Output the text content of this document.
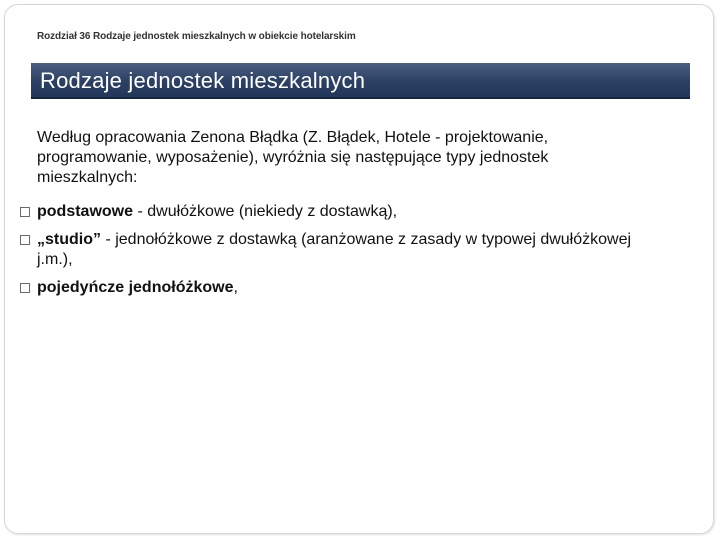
Rozdział 36 Rodzaje jednostek mieszkalnych w obiekcie hotelarskim
Rodzaje jednostek mieszkalnych
Według opracowania Zenona Błądka (Z. Błądek, Hotele - projektowanie, programowanie, wyposażenie), wyróżnia się następujące typy jednostek mieszkalnych:
podstawowe - dwułóżkowe (niekiedy z dostawką),
„studio” - jednołóżkowe z dostawką (aranżowane z zasady w typowej dwułóżkowej j.m.),
pojedyńcze jednołóżkowe,
